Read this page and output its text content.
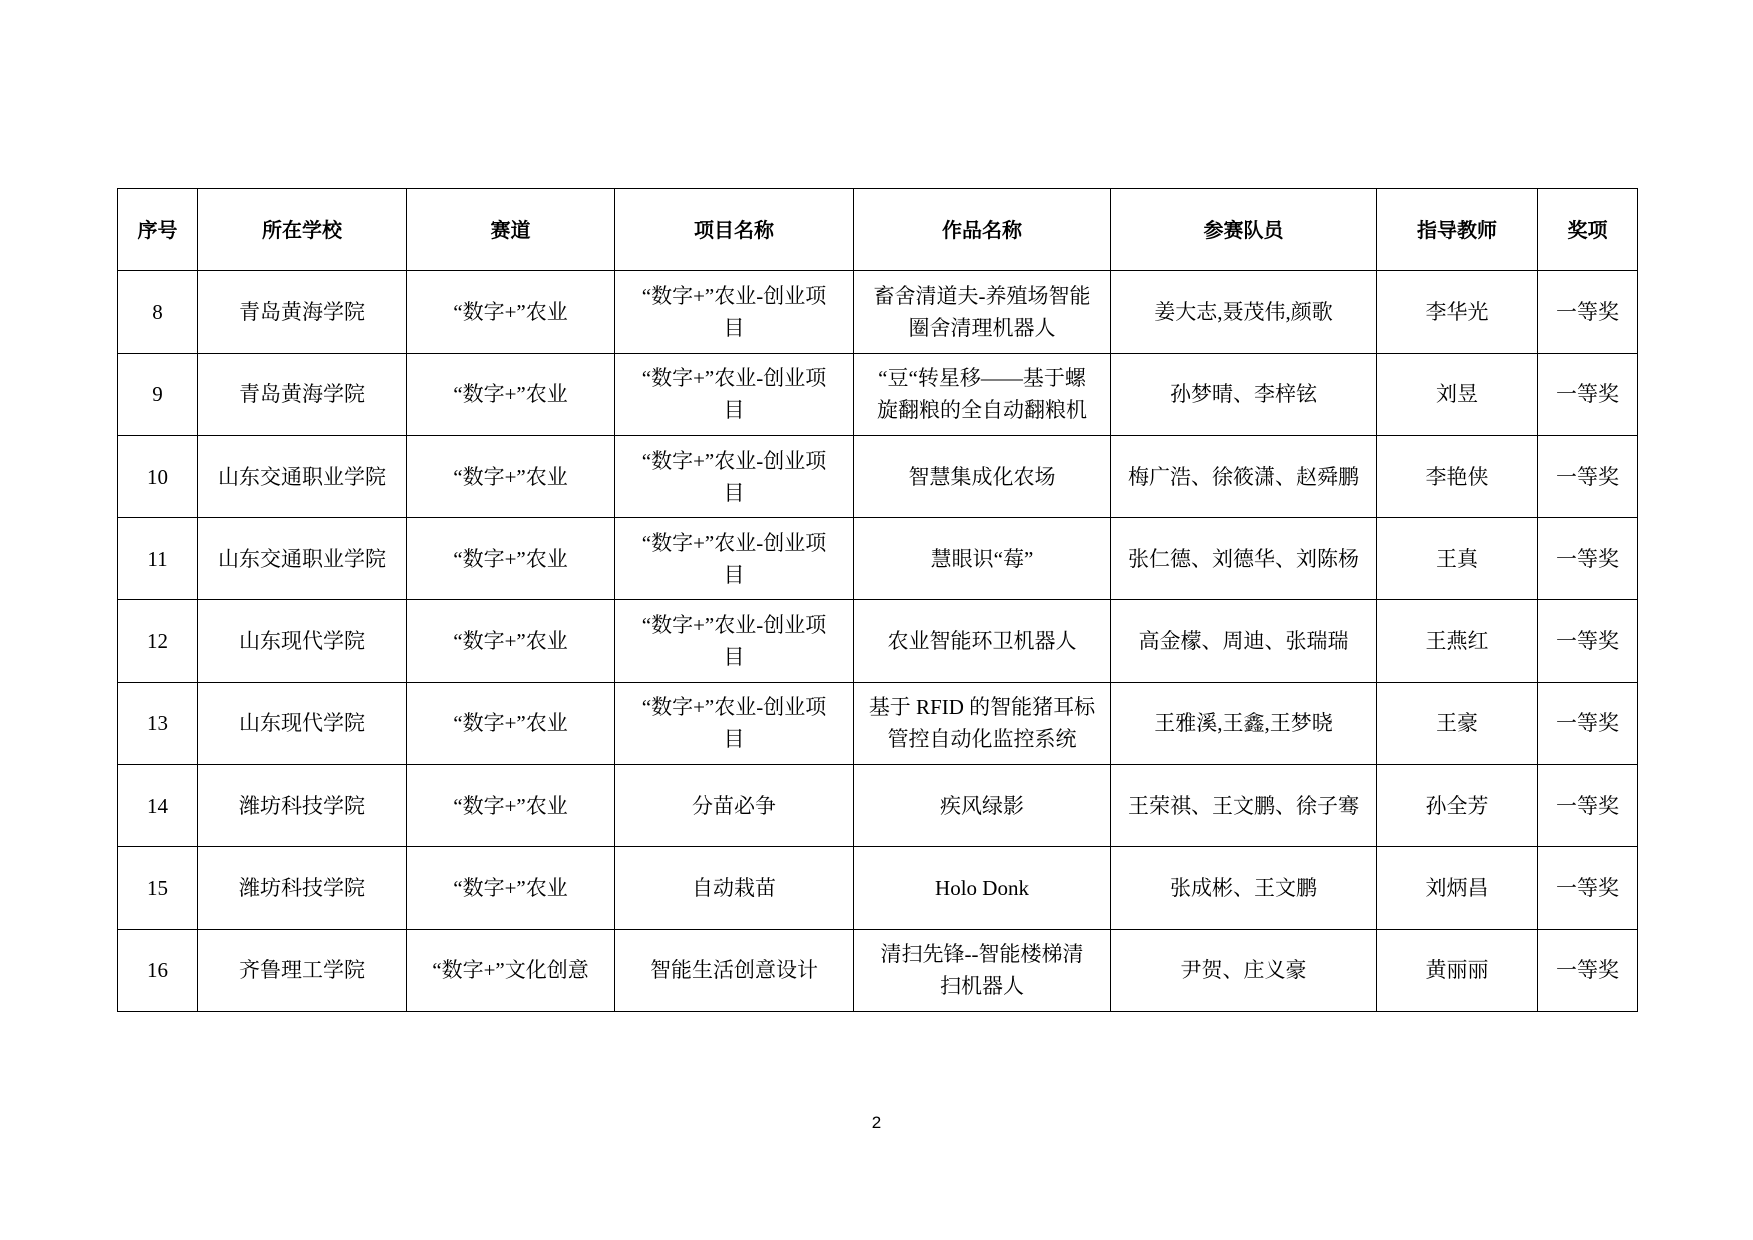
序号	所在学校	赛道	项目名称	作品名称	参赛队员	指导教师	奖项
8	青岛黄海学院	“数字+”农业	“数字+”农业-创业项目	畜舍清道夫-养殖场智能圈舍清理机器人	姜大志,聂茂伟,颜歌	李华光	一等奖
9	青岛黄海学院	“数字+”农业	“数字+”农业-创业项目	“豆“转星移——基于螺旋翻粮的全自动翻粮机	孙梦晴、李梓铉	刘昱	一等奖
10	山东交通职业学院	“数字+”农业	“数字+”农业-创业项目	智慧集成化农场	梅广浩、徐筱潇、赵舜鹏	李艳侠	一等奖
11	山东交通职业学院	“数字+”农业	“数字+”农业-创业项目	慧眼识“莓”	张仁德、刘德华、刘陈杨	王真	一等奖
12	山东现代学院	“数字+”农业	“数字+”农业-创业项目	农业智能环卫机器人	高金檬、周迪、张瑞瑞	王燕红	一等奖
13	山东现代学院	“数字+”农业	“数字+”农业-创业项目	基于 RFID 的智能猪耳标管控自动化监控系统	王雅溪,王鑫,王梦晓	王豪	一等奖
14	潍坊科技学院	“数字+”农业	分苗必争	疾风绿影	王荣祺、王文鹏、徐子骞	孙全芳	一等奖
15	潍坊科技学院	“数字+”农业	自动栽苗	Holo Donk	张成彬、王文鹏	刘炳昌	一等奖
16	齐鲁理工学院	“数字+”文化创意	智能生活创意设计	清扫先锋--智能楼梯清扫机器人	尹贺、庄义豪	黄丽丽	一等奖
2
